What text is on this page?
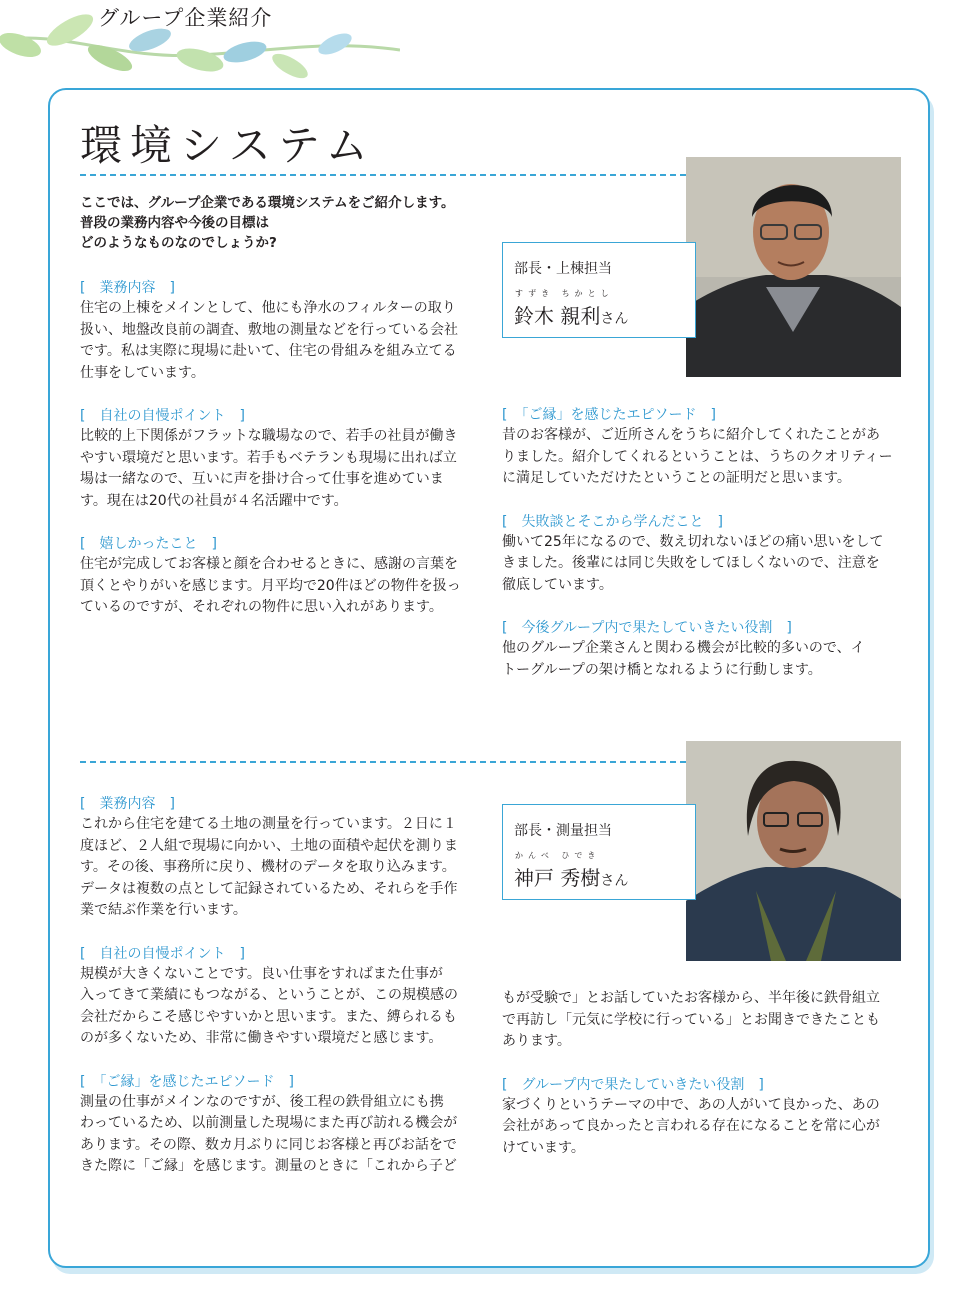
グループ企業紹介
環境システム
ここでは、グループ企業である環境システムをご紹介します。
普段の業務内容や今後の目標は
どのようなものなのでしょうか?
部長・上棟担当
すずき ちかとし
鈴木 親利さん
[　業務内容　]
住宅の上棟をメインとして、他にも浄水のフィルターの取り
扱い、地盤改良前の調査、敷地の測量などを行っている会社
です。私は実際に現場に赴いて、住宅の骨組みを組み立てる
仕事をしています。
[　自社の自慢ポイント　]
比較的上下関係がフラットな職場なので、若手の社員が働き
やすい環境だと思います。若手もベテランも現場に出れば立
場は一緒なので、互いに声を掛け合って仕事を進めていま
す。現在は20代の社員が４名活躍中です。
[　嬉しかったこと　]
住宅が完成してお客様と顔を合わせるときに、感謝の言葉を
頂くとやりがいを感じます。月平均で20件ほどの物件を扱っ
ているのですが、それぞれの物件に思い入れがあります。
[　「ご縁」を感じたエピソード　]
昔のお客様が、ご近所さんをうちに紹介してくれたことがあ
りました。紹介してくれるということは、うちのクオリティー
に満足していただけたということの証明だと思います。
[　失敗談とそこから学んだこと　]
働いて25年になるので、数え切れないほどの痛い思いをして
きました。後輩には同じ失敗をしてほしくないので、注意を
徹底しています。
[　今後グループ内で果たしていきたい役割　]
他のグループ企業さんと関わる機会が比較的多いので、イ
トーグループの架け橋となれるように行動します。
部長・測量担当
かんべ ひでき
神戸 秀樹さん
[　業務内容　]
これから住宅を建てる土地の測量を行っています。２日に１
度ほど、２人組で現場に向かい、土地の面積や起伏を測りま
す。その後、事務所に戻り、機材のデータを取り込みます。
データは複数の点として記録されているため、それらを手作
業で結ぶ作業を行います。
[　自社の自慢ポイント　]
規模が大きくないことです。良い仕事をすればまた仕事が
入ってきて業績にもつながる、ということが、この規模感の
会社だからこそ感じやすいかと思います。また、縛られるも
のが多くないため、非常に働きやすい環境だと感じます。
[　「ご縁」を感じたエピソード　]
測量の仕事がメインなのですが、後工程の鉄骨組立にも携
わっているため、以前測量した現場にまた再び訪れる機会が
あります。その際、数カ月ぶりに同じお客様と再びお話をで
きた際に「ご縁」を感じます。測量のときに「これから子ど
もが受験で」とお話していたお客様から、半年後に鉄骨組立
で再訪し「元気に学校に行っている」とお聞きできたことも
あります。
[　グループ内で果たしていきたい役割　]
家づくりというテーマの中で、あの人がいて良かった、あの
会社があって良かったと言われる存在になることを常に心が
けています。
